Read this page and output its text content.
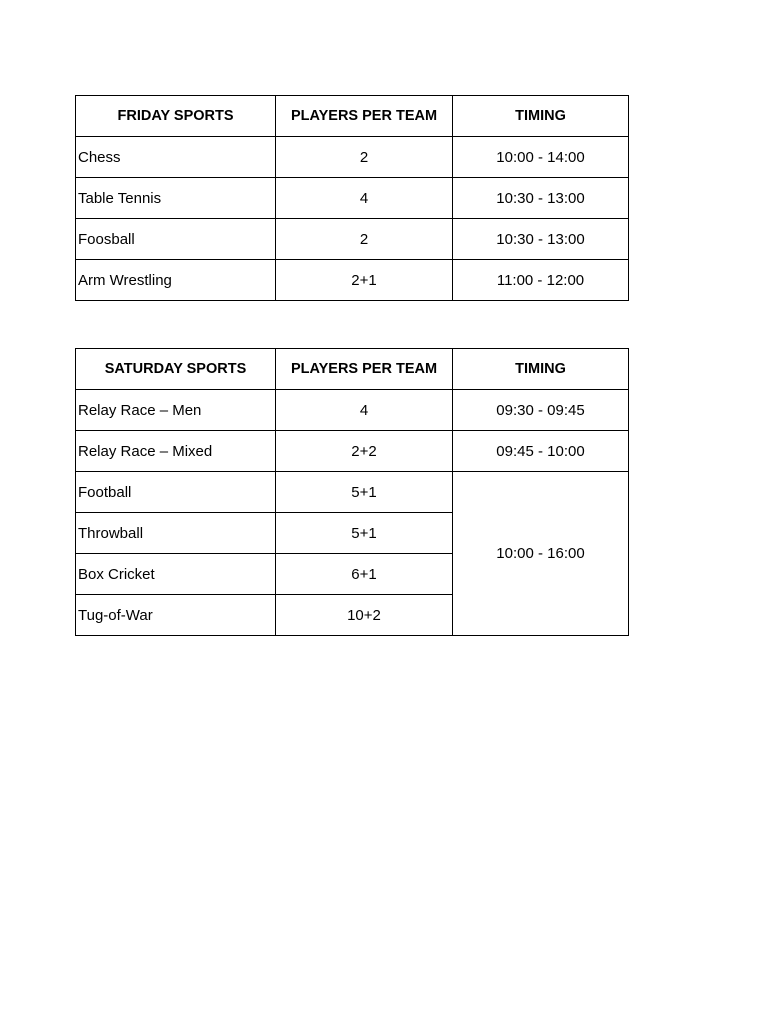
FRIDAY SPORTS	PLAYERS PER TEAM	TIMING
Chess	2	10:00 - 14:00
Table Tennis	4	10:30 - 13:00
Foosball	2	10:30 - 13:00
Arm Wrestling	2+1	11:00 - 12:00
SATURDAY SPORTS	PLAYERS PER TEAM	TIMING
Relay Race – Men	4	09:30 - 09:45
Relay Race – Mixed	2+2	09:45 - 10:00
Football	5+1	10:00 - 16:00
Throwball	5+1	
Box Cricket	6+1	
Tug-of-War	10+2	
